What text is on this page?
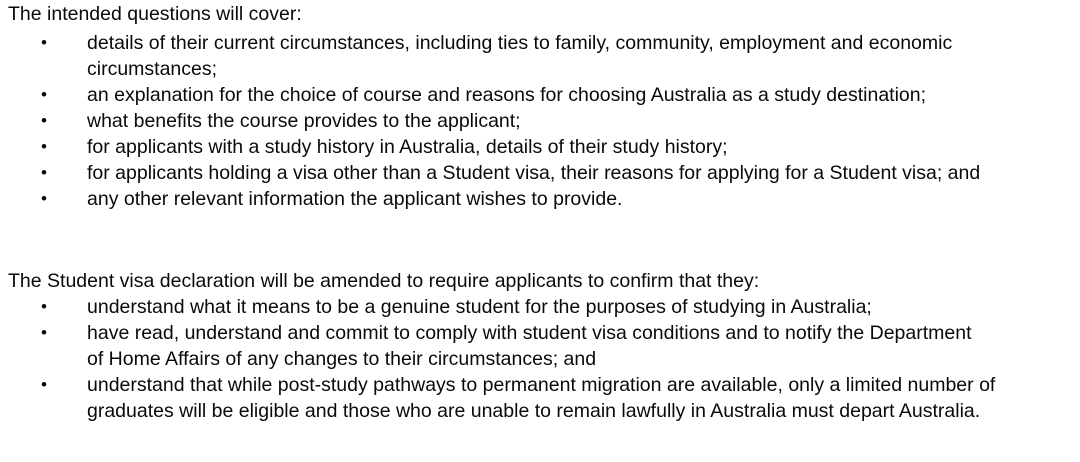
The intended questions will cover:

• details of their current circumstances, including ties to family, community, employment and economic circumstances;
• an explanation for the choice of course and reasons for choosing Australia as a study destination;
• what benefits the course provides to the applicant;
• for applicants with a study history in Australia, details of their study history;
• for applicants holding a visa other than a Student visa, their reasons for applying for a Student visa; and
• any other relevant information the applicant wishes to provide.

The Student visa declaration will be amended to require applicants to confirm that they:

• understand what it means to be a genuine student for the purposes of studying in Australia;
• have read, understand and commit to comply with student visa conditions and to notify the Department of Home Affairs of any changes to their circumstances; and
• understand that while post-study pathways to permanent migration are available, only a limited number of graduates will be eligible and those who are unable to remain lawfully in Australia must depart Australia.
